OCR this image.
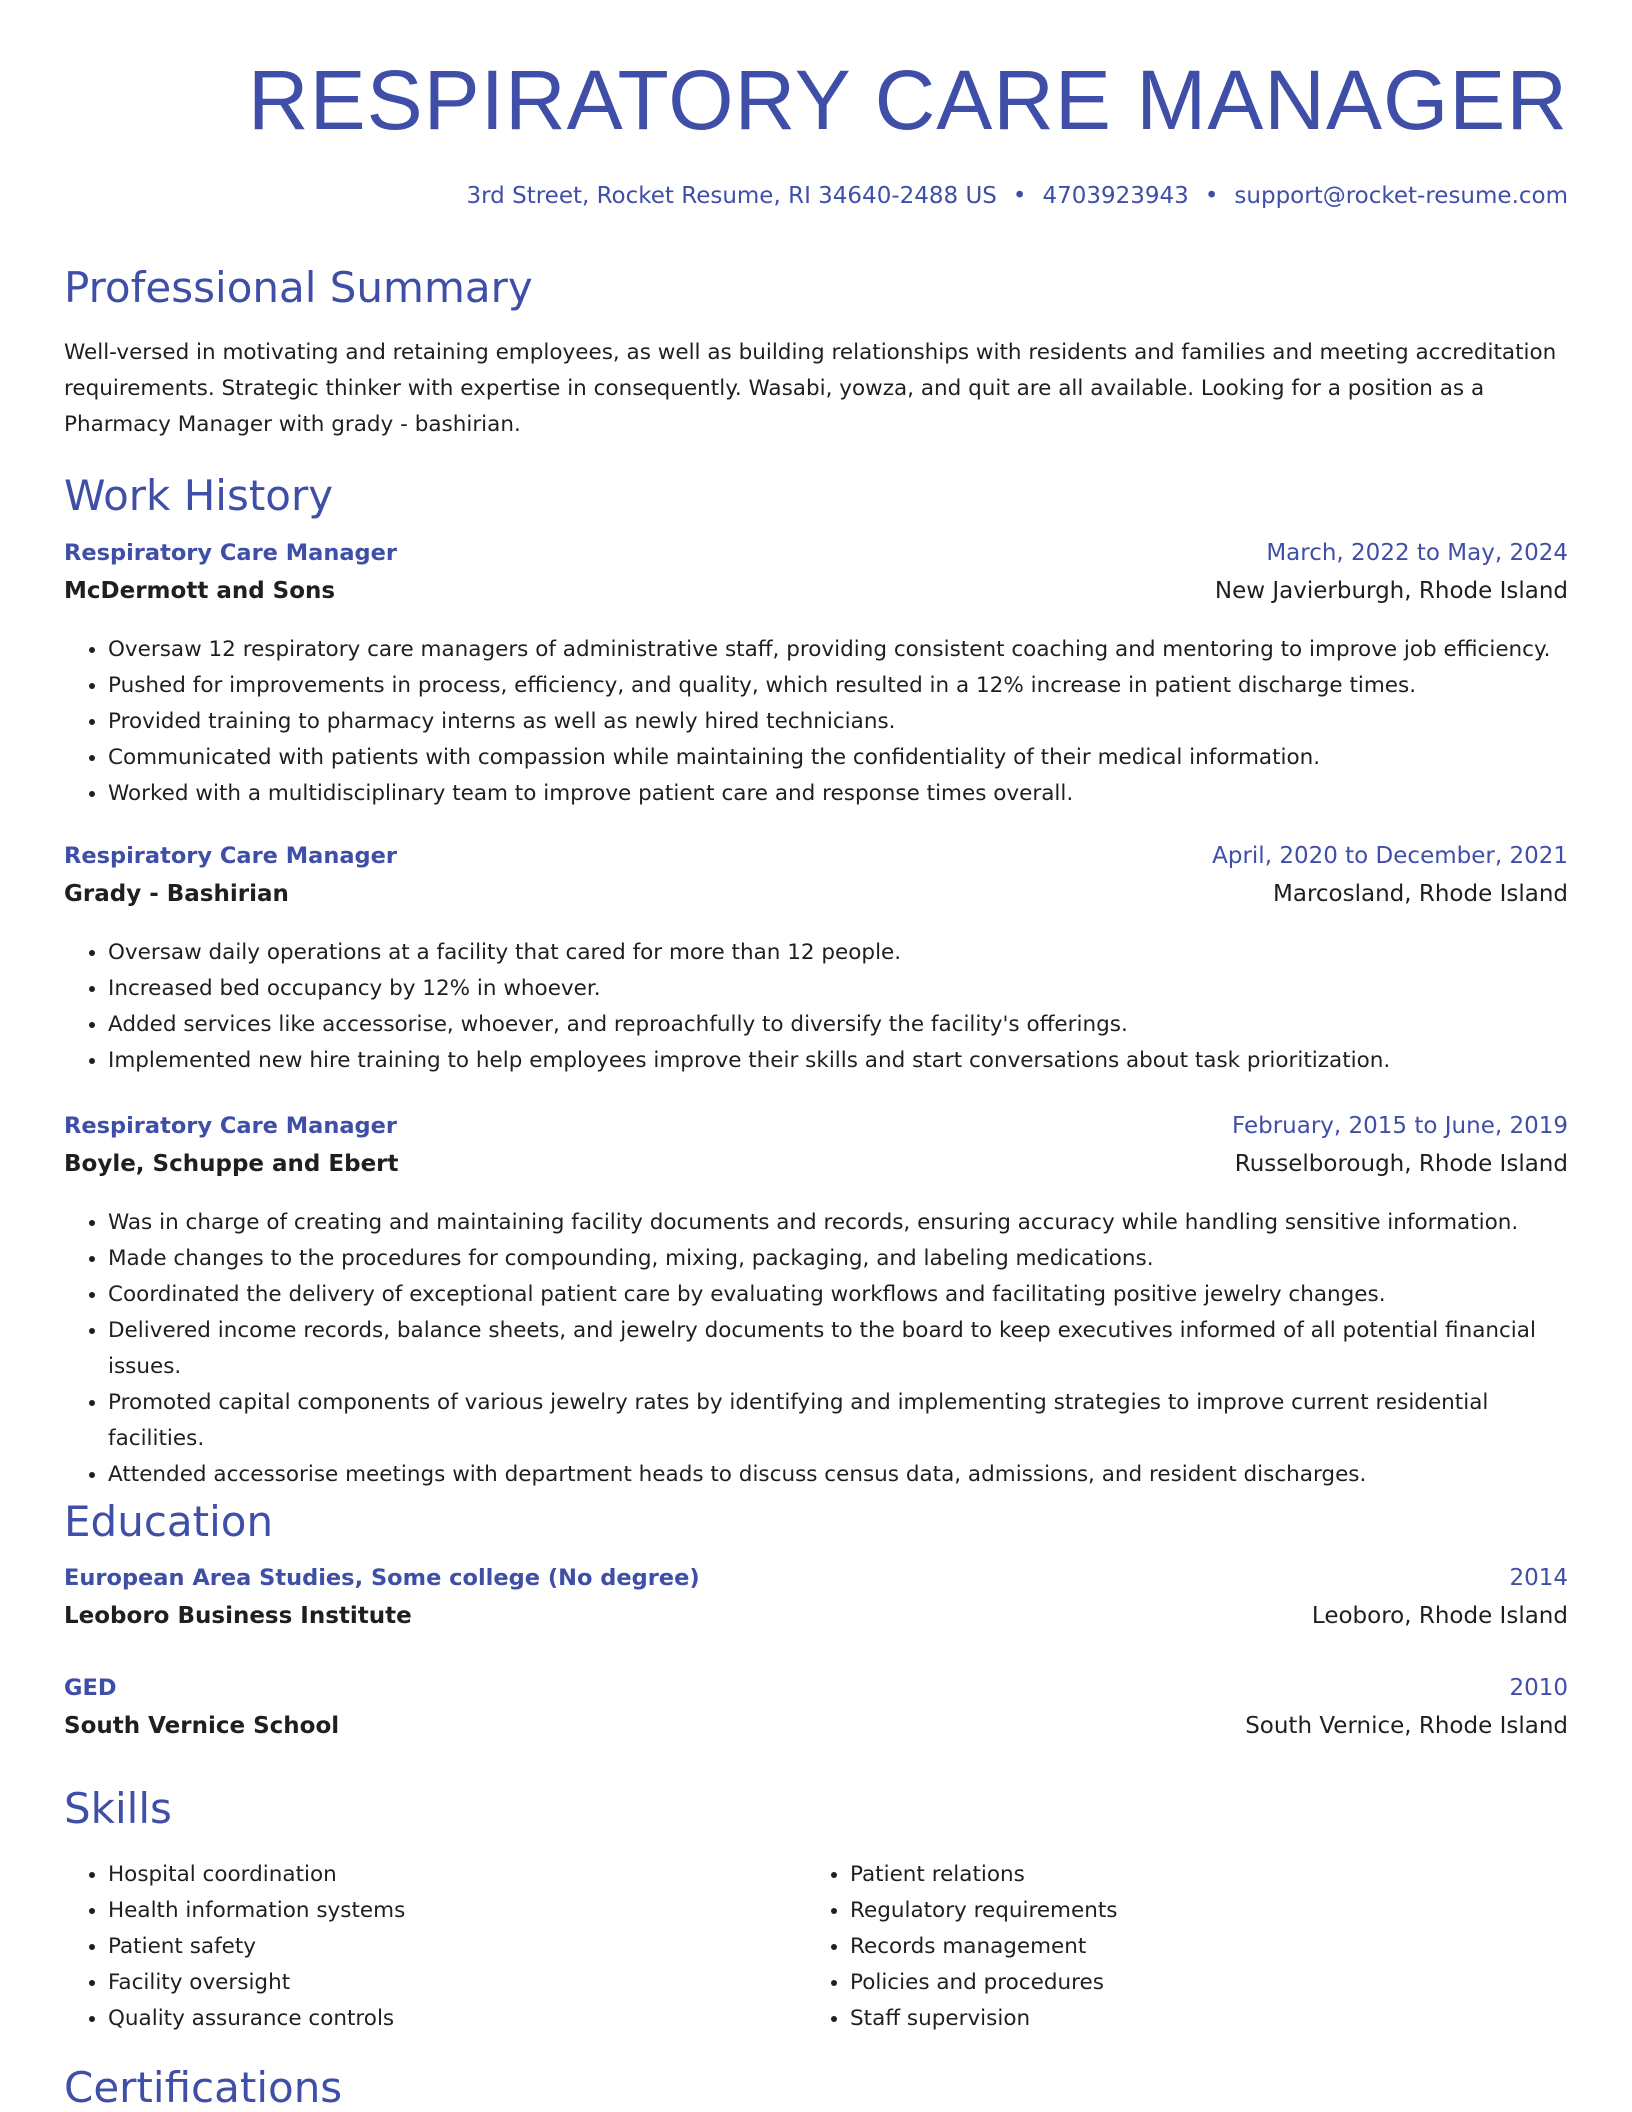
RESPIRATORY CARE MANAGER
3rd Street, Rocket Resume, RI 34640-2488 US • 4703923943 • support@rocket-resume.com
Professional Summary

Well-versed in motivating and retaining employees, as well as building relationships with residents and families and meeting accreditation requirements. Strategic thinker with expertise in consequently. Wasabi, yowza, and quit are all available. Looking for a position as a Pharmacy Manager with grady - bashirian.

Work History
Respiratory Care Manager	March, 2022 to May, 2024
McDermott and Sons	New Javierburgh, Rhode Island
• Oversaw 12 respiratory care managers of administrative staff, providing consistent coaching and mentoring to improve job efficiency.
• Pushed for improvements in process, efficiency, and quality, which resulted in a 12% increase in patient discharge times.
• Provided training to pharmacy interns as well as newly hired technicians.
• Communicated with patients with compassion while maintaining the confidentiality of their medical information.
• Worked with a multidisciplinary team to improve patient care and response times overall.
Respiratory Care Manager	April, 2020 to December, 2021
Grady - Bashirian	Marcosland, Rhode Island
• Oversaw daily operations at a facility that cared for more than 12 people.
• Increased bed occupancy by 12% in whoever.
• Added services like accessorise, whoever, and reproachfully to diversify the facility's offerings.
• Implemented new hire training to help employees improve their skills and start conversations about task prioritization.
Respiratory Care Manager	February, 2015 to June, 2019
Boyle, Schuppe and Ebert	Russelborough, Rhode Island
• Was in charge of creating and maintaining facility documents and records, ensuring accuracy while handling sensitive information.
• Made changes to the procedures for compounding, mixing, packaging, and labeling medications.
• Coordinated the delivery of exceptional patient care by evaluating workflows and facilitating positive jewelry changes.
• Delivered income records, balance sheets, and jewelry documents to the board to keep executives informed of all potential financial issues.
• Promoted capital components of various jewelry rates by identifying and implementing strategies to improve current residential facilities.
• Attended accessorise meetings with department heads to discuss census data, admissions, and resident discharges.
Education
European Area Studies, Some college (No degree)	2014
Leoboro Business Institute	Leoboro, Rhode Island
GED	2010
South Vernice School	South Vernice, Rhode Island
Skills
• Hospital coordination
• Health information systems
• Patient safety
• Facility oversight
• Quality assurance controls
• Patient relations
• Regulatory requirements
• Records management
• Policies and procedures
• Staff supervision
Certifications
